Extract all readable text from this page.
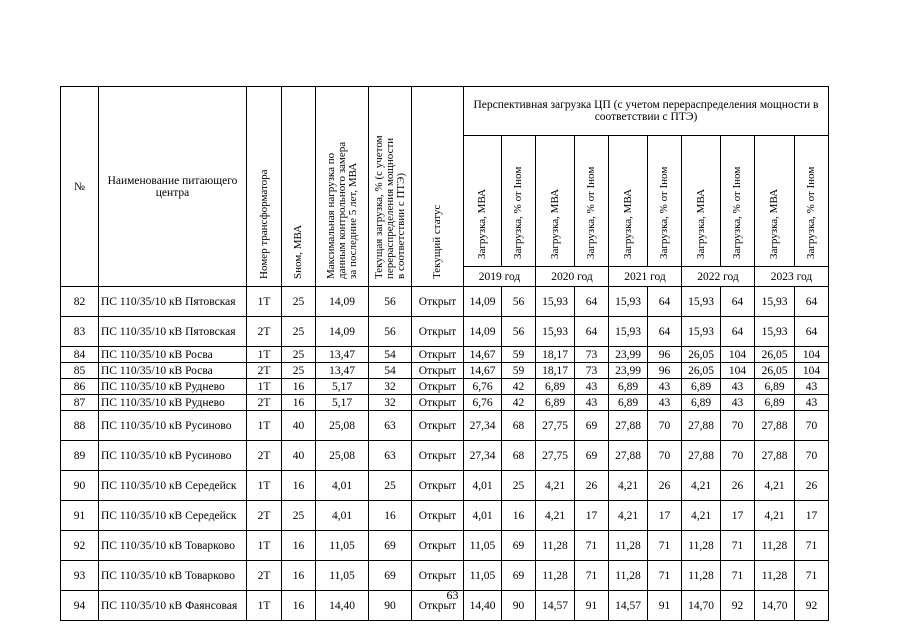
№	Наименование питающего центра	Номер трансформатора	Sном, МВА	Максимальная нагрузка по данным контрольного замера за последние 5 лет, МВА	Текущая загрузка, % (с учетом перераспределения мощности в соответствии с ПТЭ)	Текущий статус	Перспективная загрузка ЦП (с учетом перераспределения мощности в соответствии с ПТЭ)									
							Загрузка, МВА	Загрузка, % от Iном	Загрузка, МВА	Загрузка, % от Iном	Загрузка, МВА	Загрузка, % от Iном	Загрузка, МВА	Загрузка, % от Iном	Загрузка, МВА	Загрузка, % от Iном
							2019 год		2020 год		2021 год		2022 год		2023 год	
82	ПС 110/35/10 кВ Пятовская	1Т	25	14,09	56	Открыт	14,09	56	15,93	64	15,93	64	15,93	64	15,93	64
83	ПС 110/35/10 кВ Пятовская	2Т	25	14,09	56	Открыт	14,09	56	15,93	64	15,93	64	15,93	64	15,93	64
84	ПС 110/35/10 кВ Росва	1Т	25	13,47	54	Открыт	14,67	59	18,17	73	23,99	96	26,05	104	26,05	104
85	ПС 110/35/10 кВ Росва	2Т	25	13,47	54	Открыт	14,67	59	18,17	73	23,99	96	26,05	104	26,05	104
86	ПС 110/35/10 кВ Руднево	1Т	16	5,17	32	Открыт	6,76	42	6,89	43	6,89	43	6,89	43	6,89	43
87	ПС 110/35/10 кВ Руднево	2Т	16	5,17	32	Открыт	6,76	42	6,89	43	6,89	43	6,89	43	6,89	43
88	ПС 110/35/10 кВ Русиново	1Т	40	25,08	63	Открыт	27,34	68	27,75	69	27,88	70	27,88	70	27,88	70
89	ПС 110/35/10 кВ Русиново	2Т	40	25,08	63	Открыт	27,34	68	27,75	69	27,88	70	27,88	70	27,88	70
90	ПС 110/35/10 кВ Середейск	1Т	16	4,01	25	Открыт	4,01	25	4,21	26	4,21	26	4,21	26	4,21	26
91	ПС 110/35/10 кВ Середейск	2Т	25	4,01	16	Открыт	4,01	16	4,21	17	4,21	17	4,21	17	4,21	17
92	ПС 110/35/10 кВ Товарково	1Т	16	11,05	69	Открыт	11,05	69	11,28	71	11,28	71	11,28	71	11,28	71
93	ПС 110/35/10 кВ Товарково	2Т	16	11,05	69	Открыт	11,05	69	11,28	71	11,28	71	11,28	71	11,28	71
94	ПС 110/35/10 кВ Фаянсовая	1Т	16	14,40	90	Открыт	14,40	90	14,57	91	14,57	91	14,70	92	14,70	92
63
